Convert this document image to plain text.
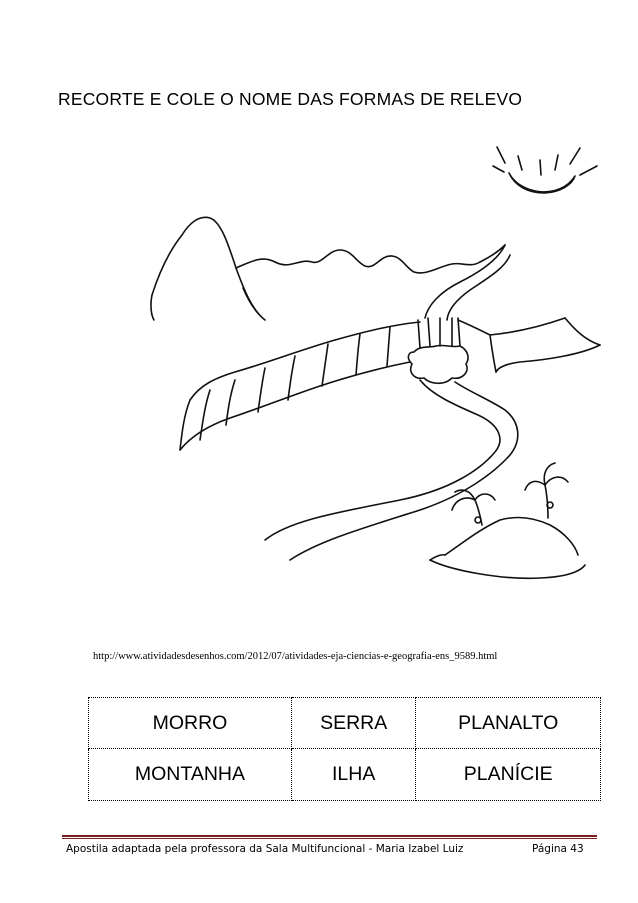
RECORTE E COLE O NOME DAS FORMAS DE RELEVO
http://www.atividadesdesenhos.com/2012/07/atividades-eja-ciencias-e-geografia-ens_9589.html
MORRO	SERRA	PLANALTO
MONTANHA	ILHA	PLANÍCIE
Apostila adaptada pela professora da Sala Multifuncional - Maria Izabel Luiz	Página 43
